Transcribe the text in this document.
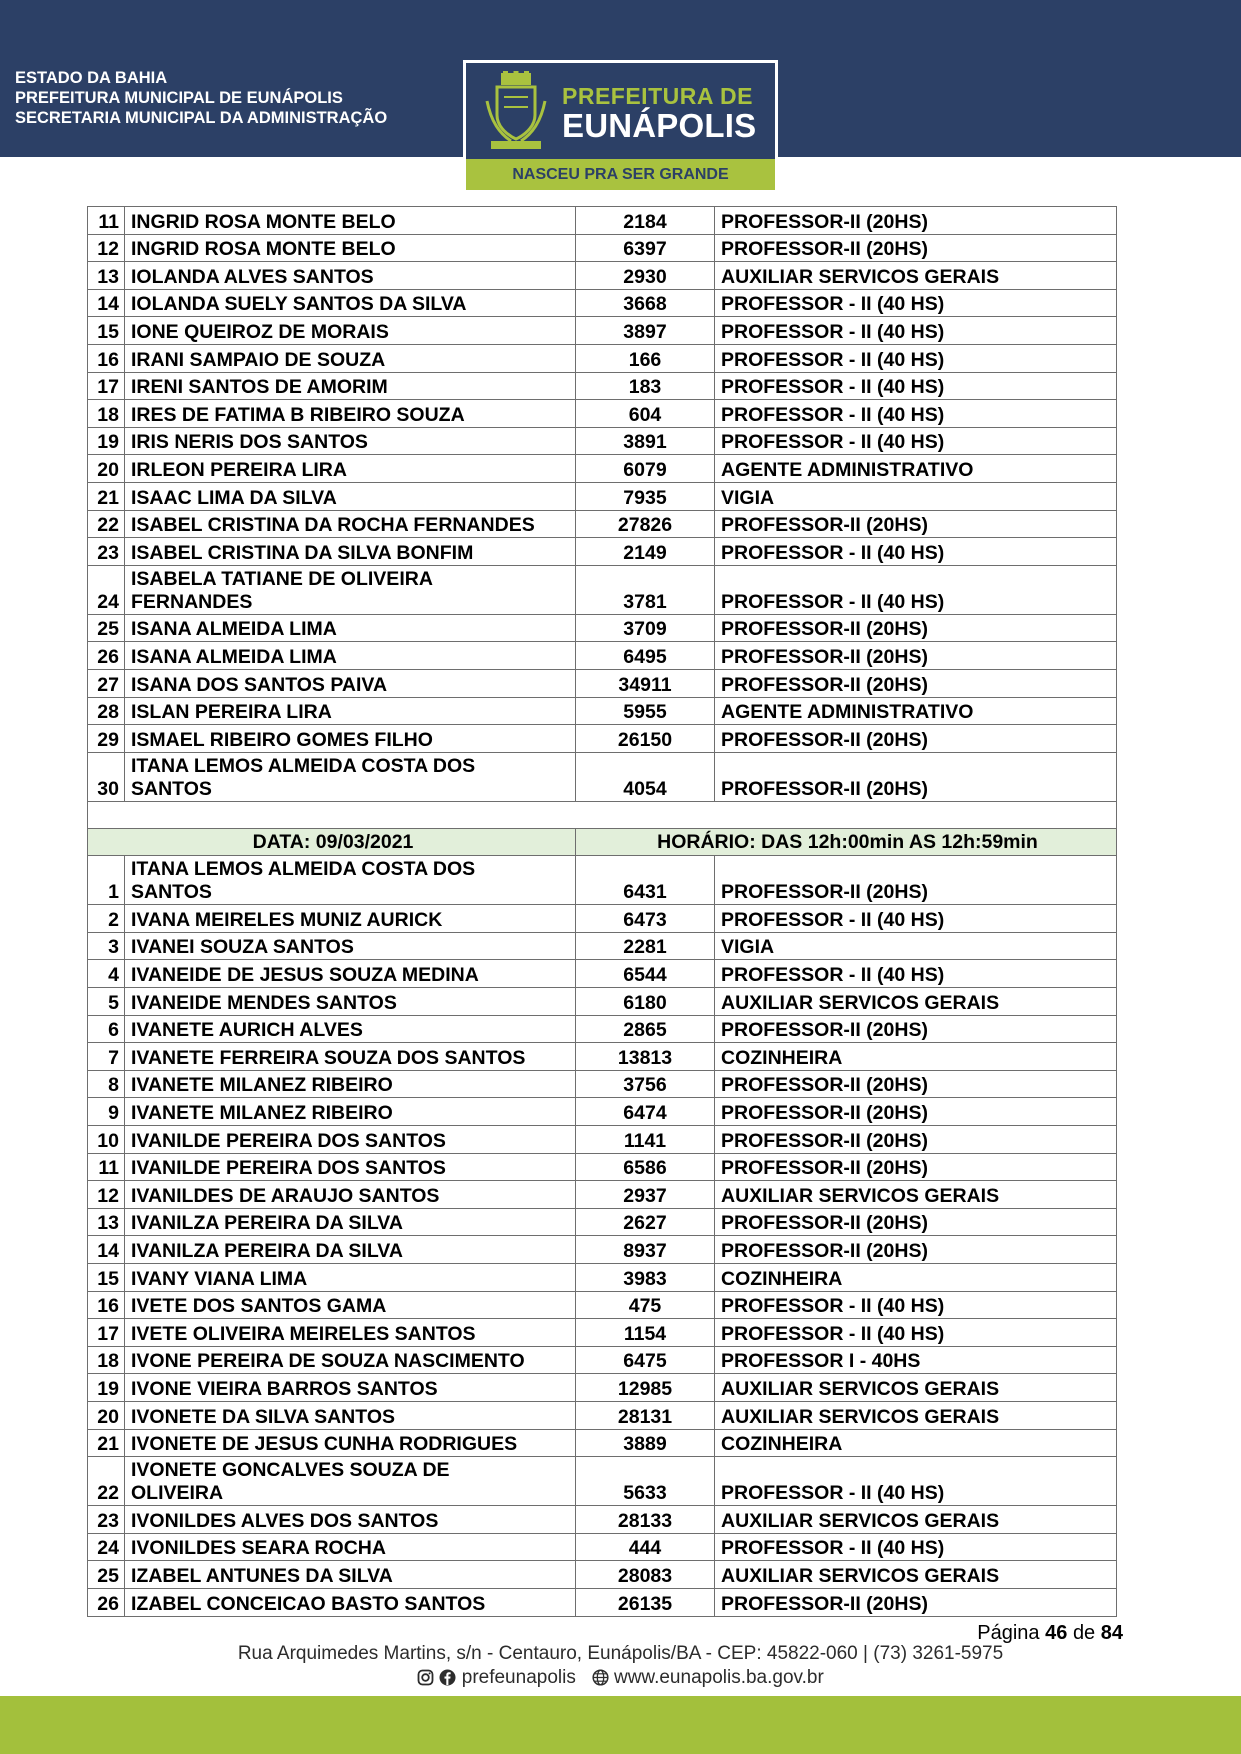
ESTADO DA BAHIA
PREFEITURA MUNICIPAL DE EUNÁPOLIS
SECRETARIA MUNICIPAL DA ADMINISTRAÇÃO
PREFEITURA DE
EUNÁPOLIS
NASCEU PRA SER GRANDE
11	INGRID ROSA MONTE BELO	2184	PROFESSOR-II (20HS)
12	INGRID ROSA MONTE BELO	6397	PROFESSOR-II (20HS)
13	IOLANDA ALVES SANTOS	2930	AUXILIAR SERVICOS GERAIS
14	IOLANDA SUELY SANTOS DA SILVA	3668	PROFESSOR - II (40 HS)
15	IONE QUEIROZ DE MORAIS	3897	PROFESSOR - II (40 HS)
16	IRANI SAMPAIO DE SOUZA	166	PROFESSOR - II (40 HS)
17	IRENI SANTOS DE AMORIM	183	PROFESSOR - II (40 HS)
18	IRES DE FATIMA B RIBEIRO SOUZA	604	PROFESSOR - II (40 HS)
19	IRIS NERIS DOS SANTOS	3891	PROFESSOR - II (40 HS)
20	IRLEON PEREIRA LIRA	6079	AGENTE ADMINISTRATIVO
21	ISAAC LIMA DA SILVA	7935	VIGIA
22	ISABEL CRISTINA DA ROCHA FERNANDES	27826	PROFESSOR-II (20HS)
23	ISABEL CRISTINA DA SILVA BONFIM	2149	PROFESSOR - II (40 HS)
24	ISABELA TATIANE DE OLIVEIRA
FERNANDES	3781	PROFESSOR - II (40 HS)
25	ISANA ALMEIDA LIMA	3709	PROFESSOR-II (20HS)
26	ISANA ALMEIDA LIMA	6495	PROFESSOR-II (20HS)
27	ISANA DOS SANTOS PAIVA	34911	PROFESSOR-II (20HS)
28	ISLAN PEREIRA LIRA	5955	AGENTE ADMINISTRATIVO
29	ISMAEL RIBEIRO GOMES FILHO	26150	PROFESSOR-II (20HS)
30	ITANA LEMOS ALMEIDA COSTA DOS
SANTOS	4054	PROFESSOR-II (20HS)

DATA: 09/03/2021		HORÁRIO: DAS 12h:00min AS 12h:59min	
1	ITANA LEMOS ALMEIDA COSTA DOS
SANTOS	6431	PROFESSOR-II (20HS)
2	IVANA MEIRELES MUNIZ AURICK	6473	PROFESSOR - II (40 HS)
3	IVANEI SOUZA SANTOS	2281	VIGIA
4	IVANEIDE DE JESUS SOUZA MEDINA	6544	PROFESSOR - II (40 HS)
5	IVANEIDE MENDES SANTOS	6180	AUXILIAR SERVICOS GERAIS
6	IVANETE AURICH ALVES	2865	PROFESSOR-II (20HS)
7	IVANETE FERREIRA SOUZA DOS SANTOS	13813	COZINHEIRA
8	IVANETE MILANEZ RIBEIRO	3756	PROFESSOR-II (20HS)
9	IVANETE MILANEZ RIBEIRO	6474	PROFESSOR-II (20HS)
10	IVANILDE PEREIRA DOS SANTOS	1141	PROFESSOR-II (20HS)
11	IVANILDE PEREIRA DOS SANTOS	6586	PROFESSOR-II (20HS)
12	IVANILDES DE ARAUJO SANTOS	2937	AUXILIAR SERVICOS GERAIS
13	IVANILZA PEREIRA DA SILVA	2627	PROFESSOR-II (20HS)
14	IVANILZA PEREIRA DA SILVA	8937	PROFESSOR-II (20HS)
15	IVANY VIANA LIMA	3983	COZINHEIRA
16	IVETE DOS SANTOS GAMA	475	PROFESSOR - II (40 HS)
17	IVETE OLIVEIRA MEIRELES SANTOS	1154	PROFESSOR - II (40 HS)
18	IVONE PEREIRA DE SOUZA NASCIMENTO	6475	PROFESSOR I - 40HS
19	IVONE VIEIRA BARROS SANTOS	12985	AUXILIAR SERVICOS GERAIS
20	IVONETE DA SILVA SANTOS	28131	AUXILIAR SERVICOS GERAIS
21	IVONETE DE JESUS CUNHA RODRIGUES	3889	COZINHEIRA
22	IVONETE GONCALVES SOUZA DE
OLIVEIRA	5633	PROFESSOR - II (40 HS)
23	IVONILDES ALVES DOS SANTOS	28133	AUXILIAR SERVICOS GERAIS
24	IVONILDES SEARA ROCHA	444	PROFESSOR - II (40 HS)
25	IZABEL ANTUNES DA SILVA	28083	AUXILIAR SERVICOS GERAIS
26	IZABEL CONCEICAO BASTO SANTOS	26135	PROFESSOR-II (20HS)
Página 46 de 84
Rua Arquimedes Martins, s/n - Centauro, Eunápolis/BA - CEP: 45822-060 | (73) 3261-5975
prefeunapolis www.eunapolis.ba.gov.br
